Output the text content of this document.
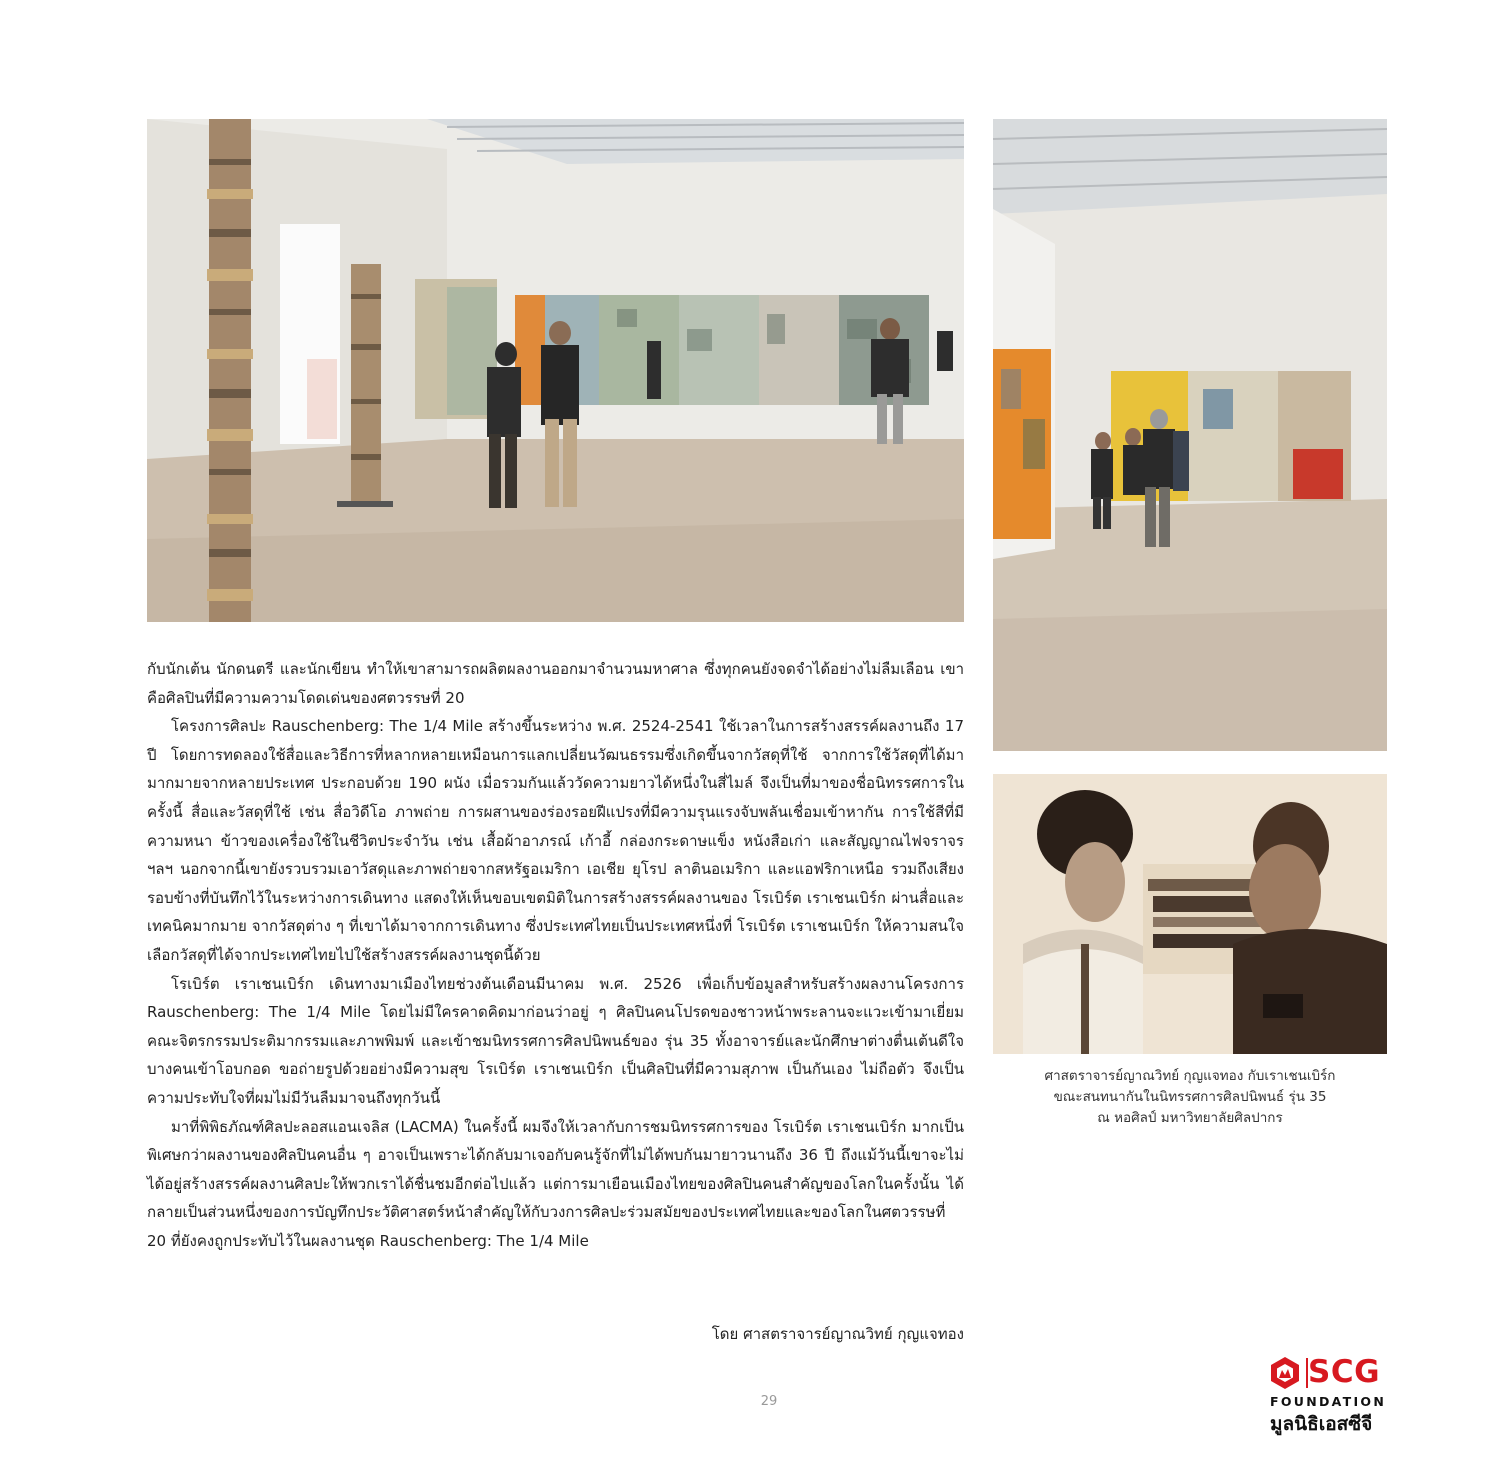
กับนักเต้น นักดนตรี และนักเขียน ทำให้เขาสามารถผลิตผลงานออกมาจำนวนมหาศาล ซึ่งทุกคนยังจดจำได้อย่างไม่ลืมเลือน เขาคือศิลปินที่มีความความโดดเด่นของศตวรรษที่ 20

โครงการศิลปะ Rauschenberg: The 1/4 Mile สร้างขึ้นระหว่าง พ.ศ. 2524-2541 ใช้เวลาในการสร้างสรรค์ผลงานถึง 17 ปี โดยการทดลองใช้สื่อและวิธีการที่หลากหลายเหมือนการแลกเปลี่ยนวัฒนธรรมซึ่งเกิดขึ้นจากวัสดุที่ใช้ จากการใช้วัสดุที่ได้มามากมายจากหลายประเทศ ประกอบด้วย 190 ผนัง เมื่อรวมกันแล้ววัดความยาวได้หนึ่งในสี่ไมล์ จึงเป็นที่มาของชื่อนิทรรศการในครั้งนี้ สื่อและวัสดุที่ใช้ เช่น สื่อวิดีโอ ภาพถ่าย การผสานของร่องรอยฝีแปรงที่มีความรุนแรงจับพลันเชื่อมเข้าหากัน การใช้สีที่มีความหนา ข้าวของเครื่องใช้ในชีวิตประจำวัน เช่น เสื้อผ้าอาภรณ์ เก้าอี้ กล่องกระดาษแข็ง หนังสือเก่า และสัญญาณไฟจราจร ฯลฯ นอกจากนี้เขายังรวบรวมเอาวัสดุและภาพถ่ายจากสหรัฐอเมริกา เอเชีย ยุโรป ลาตินอเมริกา และแอฟริกาเหนือ รวมถึงเสียงรอบข้างที่บันทึกไว้ในระหว่างการเดินทาง แสดงให้เห็นขอบเขตมิติในการสร้างสรรค์ผลงานของ โรเบิร์ต เราเชนเบิร์ก ผ่านสื่อและเทคนิคมากมาย จากวัสดุต่าง ๆ ที่เขาได้มาจากการเดินทาง ซึ่งประเทศไทยเป็นประเทศหนึ่งที่ โรเบิร์ต เราเชนเบิร์ก ให้ความสนใจเลือกวัสดุที่ได้จากประเทศไทยไปใช้สร้างสรรค์ผลงานชุดนี้ด้วย

โรเบิร์ต เราเชนเบิร์ก เดินทางมาเมืองไทยช่วงต้นเดือนมีนาคม พ.ศ. 2526 เพื่อเก็บข้อมูลสำหรับสร้างผลงานโครงการ Rauschenberg: The 1/4 Mile โดยไม่มีใครคาดคิดมาก่อนว่าอยู่ ๆ ศิลปินคนโปรดของชาวหน้าพระลานจะแวะเข้ามาเยี่ยมคณะจิตรกรรมประติมากรรมและภาพพิมพ์ และเข้าชมนิทรรศการศิลปนิพนธ์ของ รุ่น 35 ทั้งอาจารย์และนักศึกษาต่างตื่นเต้นดีใจ บางคนเข้าโอบกอด ขอถ่ายรูปด้วยอย่างมีความสุข โรเบิร์ต เราเชนเบิร์ก เป็นศิลปินที่มีความสุภาพ เป็นกันเอง ไม่ถือตัว จึงเป็นความประทับใจที่ผมไม่มีวันลืมมาจนถึงทุกวันนี้

มาที่พิพิธภัณฑ์ศิลปะลอสแอนเจลิส (LACMA) ในครั้งนี้ ผมจึงให้เวลากับการชมนิทรรศการของ โรเบิร์ต เราเชนเบิร์ก มากเป็นพิเศษกว่าผลงานของศิลปินคนอื่น ๆ อาจเป็นเพราะได้กลับมาเจอกับคนรู้จักที่ไม่ได้พบกันมายาวนานถึง 36 ปี ถึงแม้วันนี้เขาจะไม่ได้อยู่สร้างสรรค์ผลงานศิลปะให้พวกเราได้ชื่นชมอีกต่อไปแล้ว แต่การมาเยือนเมืองไทยของศิลปินคนสำคัญของโลกในครั้งนั้น ได้กลายเป็นส่วนหนึ่งของการบัญทึกประวัติศาสตร์หน้าสำคัญให้กับวงการศิลปะร่วมสมัยของประเทศไทยและของโลกในศตวรรษที่ 20 ที่ยังคงถูกประทับไว้ในผลงานชุด Rauschenberg: The 1/4 Mile

ศาสตราจารย์ญาณวิทย์ กุญแจทอง กับเราเชนเบิร์ก
ขณะสนทนากันในนิทรรศการศิลปนิพนธ์ รุ่น 35
ณ หอศิลป์ มหาวิทยาลัยศิลปากร
โดย ศาสตราจารย์ญาณวิทย์ กุญแจทอง
29
SCG
FOUNDATION
มูลนิธิเอสซีจี
